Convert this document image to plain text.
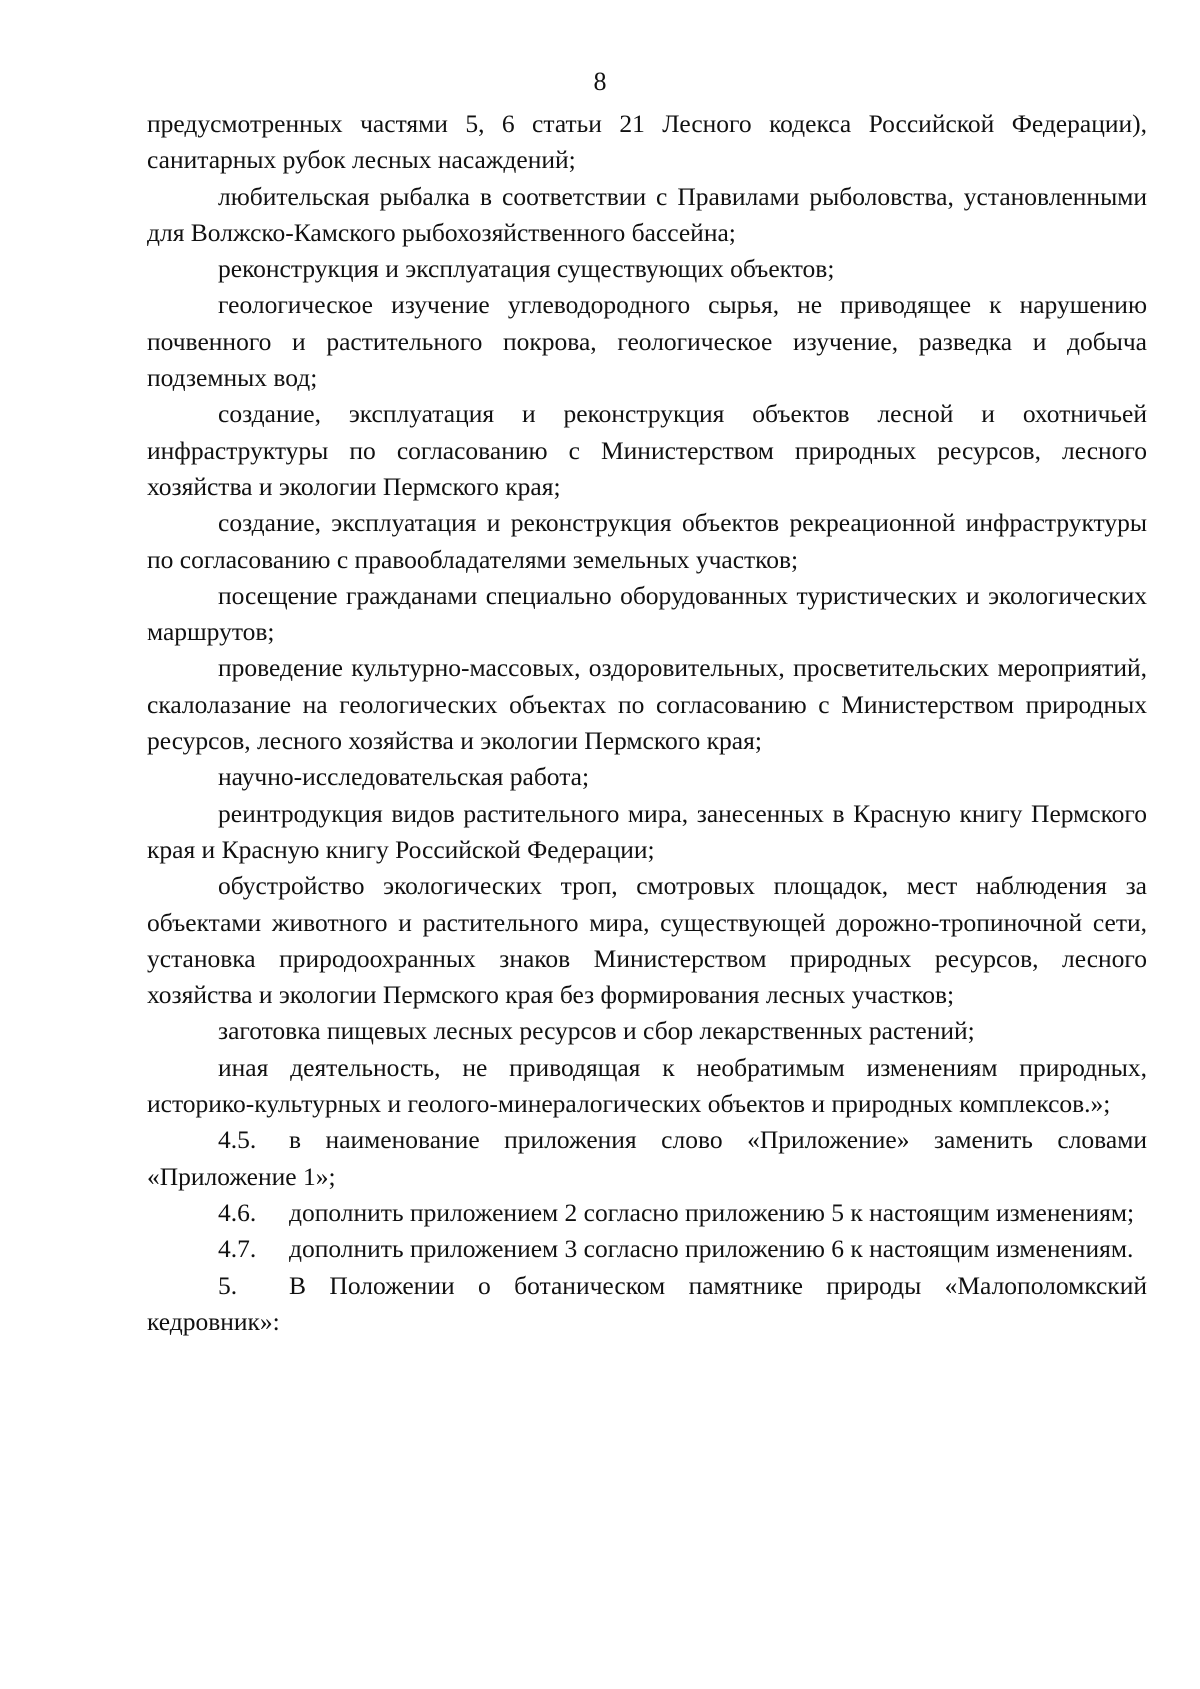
8

предусмотренных частями 5, 6 статьи 21 Лесного кодекса Российской Федерации), санитарных рубок лесных насаждений;

любительская рыбалка в соответствии с Правилами рыболовства, установленными для Волжско-Камского рыбохозяйственного бассейна;

реконструкция и эксплуатация существующих объектов;

геологическое изучение углеводородного сырья, не приводящее к нарушению почвенного и растительного покрова, геологическое изучение, разведка и добыча подземных вод;

создание, эксплуатация и реконструкция объектов лесной и охотничьей инфраструктуры по согласованию с Министерством природных ресурсов, лесного хозяйства и экологии Пермского края;

создание, эксплуатация и реконструкция объектов рекреационной инфраструктуры по согласованию с правообладателями земельных участков;

посещение гражданами специально оборудованных туристических и экологических маршрутов;

проведение культурно-массовых, оздоровительных, просветительских мероприятий, скалолазание на геологических объектах по согласованию с Министерством природных ресурсов, лесного хозяйства и экологии Пермского края;

научно-исследовательская работа;

реинтродукция видов растительного мира, занесенных в Красную книгу Пермского края и Красную книгу Российской Федерации;

обустройство экологических троп, смотровых площадок, мест наблюдения за объектами животного и растительного мира, существующей дорожно-тропиночной сети, установка природоохранных знаков Министерством природных ресурсов, лесного хозяйства и экологии Пермского края без формирования лесных участков;

заготовка пищевых лесных ресурсов и сбор лекарственных растений;

иная деятельность, не приводящая к необратимым изменениям природных, историко-культурных и геолого-минералогических объектов и природных комплексов.»;

4.5. в наименование приложения слово «Приложение» заменить словами «Приложение 1»;

4.6. дополнить приложением 2 согласно приложению 5 к настоящим изменениям;

4.7. дополнить приложением 3 согласно приложению 6 к настоящим изменениям.

5. В Положении о ботаническом памятнике природы «Малополомкский кедровник»:
